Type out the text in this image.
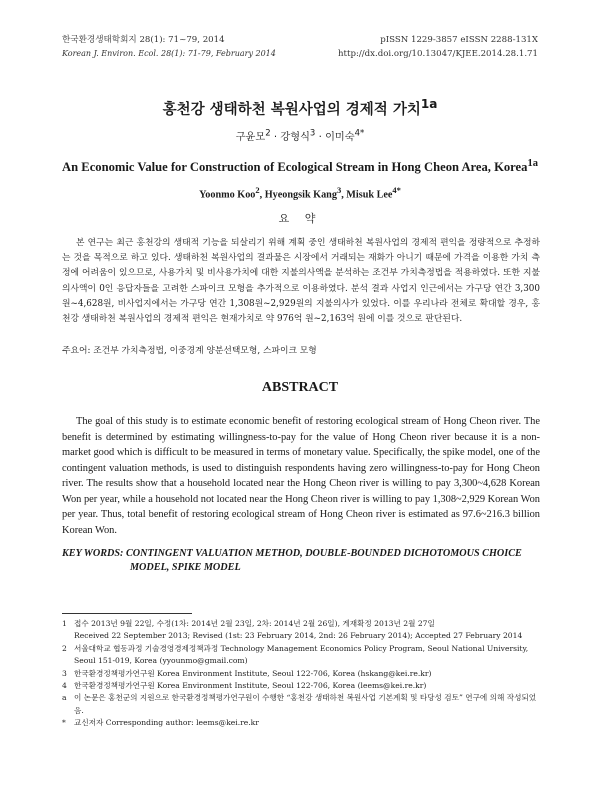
한국환경생태학회지 28(1): 71~79, 2014
Korean J. Environ. Ecol. 28(1): 71-79, February 2014
pISSN 1229-3857 eISSN 2288-131X
http://dx.doi.org/10.13047/KJEE.2014.28.1.71
홍천강 생태하천 복원사업의 경제적 가치$^{1a}$
구윤모$^2$ · 강형식$^3$ · 이미숙$^{4*}$
An Economic Value for Construction of Ecological Stream in Hong Cheon Area, Korea$^{1a}$
Yoonmo Koo$^2$, Hyeongsik Kang$^3$, Misuk Lee$^{4*}$
요 약

본 연구는 최근 홍천강의 생태적 기능을 되살리기 위해 계획 중인 생태하천 복원사업의 경제적 편익을 정량적으로 추정하는 것을 목적으로 하고 있다. 생태하천 복원사업의 결과물은 시장에서 거래되는 재화가 아니기 때문에 가격을 이용한 가치 측정에 어려움이 있으므로, 사용가치 및 비사용가치에 대한 지불의사액을 분석하는 조건부 가치측정법을 적용하였다. 또한 지불의사액이 0인 응답자들을 고려한 스파이크 모형을 추가적으로 이용하였다. 분석 결과 사업지 인근에서는 가구당 연간 3,300원~4,628원, 비사업지에서는 가구당 연간 1,308원~2,929원의 지불의사가 있었다. 이를 우리나라 전체로 확대할 경우, 홍천강 생태하천 복원사업의 경제적 편익은 현재가치로 약 976억 원~2,163억 원에 이를 것으로 판단된다.

주요어: 조건부 가치측정법, 이중경계 양분선택모형, 스파이크 모형
ABSTRACT

The goal of this study is to estimate economic benefit of restoring ecological stream of Hong Cheon river. The benefit is determined by estimating willingness-to-pay for the value of Hong Cheon river because it is a non-market good which is difficult to be measured in terms of monetary value. Specifically, the spike model, one of the contingent valuation methods, is used to distinguish respondents having zero willingness-to-pay for Hong Cheon river. The results show that a household located near the Hong Cheon river is willing to pay 3,300~4,628 Korean Won per year, while a household not located near the Hong Cheon river is willing to pay 1,308~2,929 Korean Won per year. Thus, total benefit of restoring ecological stream of Hong Cheon river is estimated as 97.6~216.3 billion Korean Won.

KEY WORDS: CONTINGENT VALUATION METHOD, DOUBLE-BOUNDED DICHOTOMOUS CHOICE
MODEL, SPIKE MODEL
1 접수 2013년 9월 22일, 수정(1차: 2014년 2월 23일, 2차: 2014년 2월 26일), 게재확정 2013년 2월 27일
Received 22 September 2013; Revised (1st: 23 February 2014, 2nd: 26 February 2014); Accepted 27 February 2014
2 서울대학교 협동과정 기술경영경제정책과정 Technology Management Economics Policy Program, Seoul National University,
Seoul 151-019, Korea (yyounmo@gmail.com)
3 한국환경정책평가연구원 Korea Environment Institute, Seoul 122-706, Korea (hskang@kei.re.kr)
4 한국환경정책평가연구원 Korea Environment Institute, Seoul 122-706, Korea (leems@kei.re.kr)
a 이 논문은 홍천군의 지원으로 한국환경정책평가연구원이 수행한 “홍천강 생태하천 복원사업 기본계획 및 타당성 검토” 연구에 의해 작성되었음.
* 교신저자 Corresponding author: leems@kei.re.kr
